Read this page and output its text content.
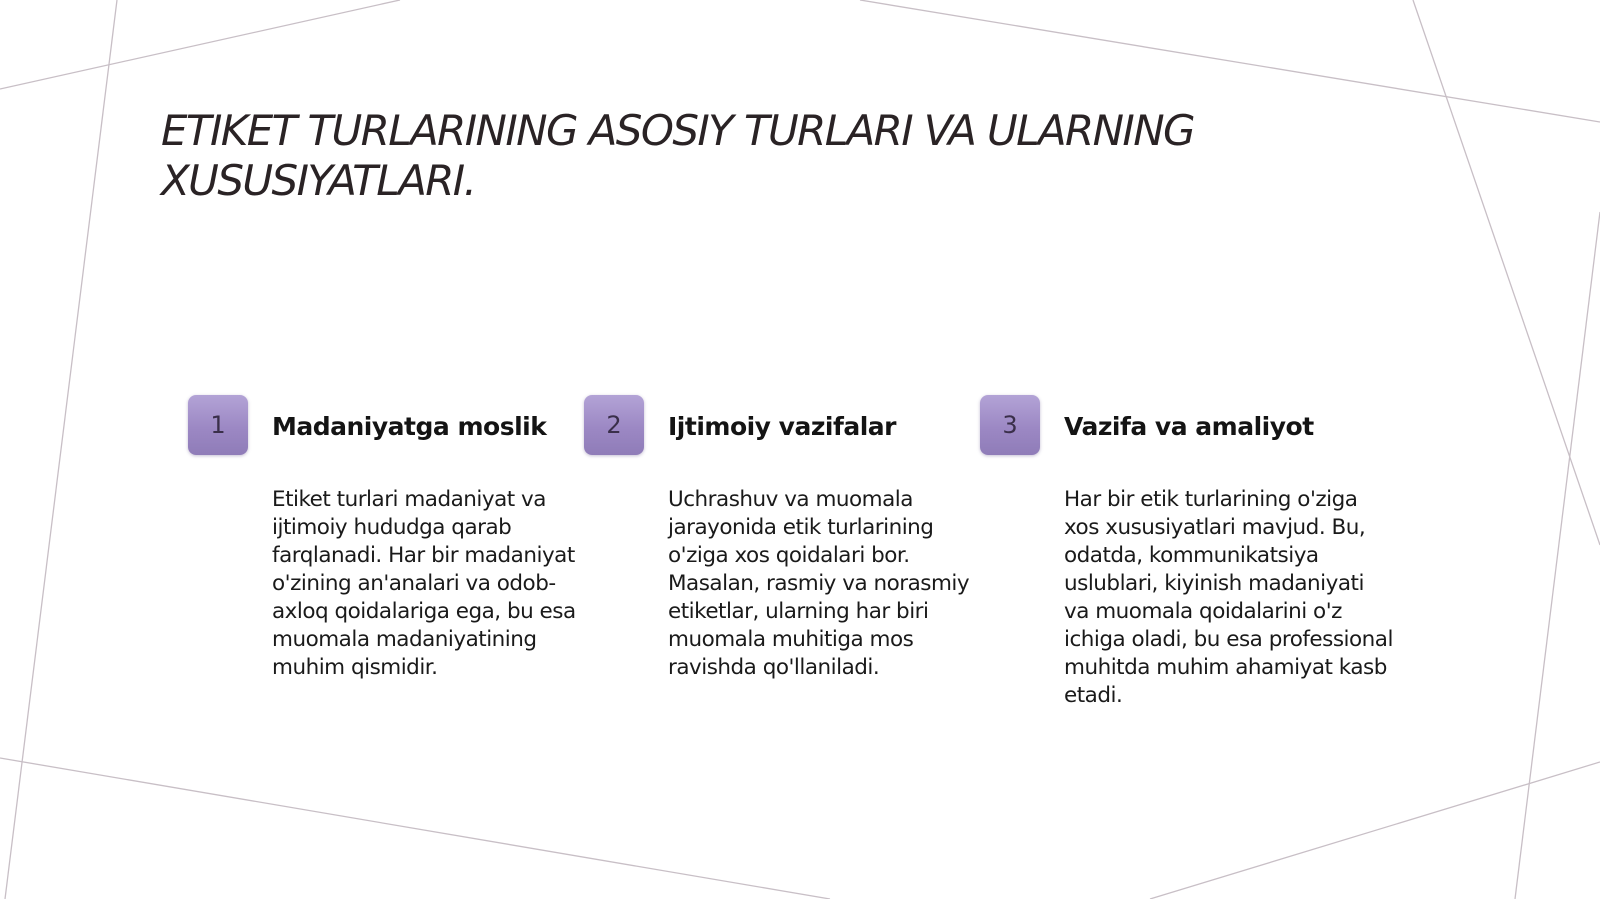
ETIKET TURLARINING ASOSIY TURLARI VA ULARNING XUSUSIYATLARI.
1	Madaniyatga moslik

Etiket turlari madaniyat va ijtimoiy hududga qarab farqlanadi. Har bir madaniyat o'zining an'analari va odob-axloq qoidalariga ega, bu esa muomala madaniyatining muhim qismidir.

2	Ijtimoiy vazifalar

Uchrashuv va muomala jarayonida etik turlarining o'ziga xos qoidalari bor. Masalan, rasmiy va norasmiy etiketlar, ularning har biri muomala muhitiga mos ravishda qo'llaniladi.

3	Vazifa va amaliyot

Har bir etik turlarining o'ziga xos xususiyatlari mavjud. Bu, odatda, kommunikatsiya uslublari, kiyinish madaniyati va muomala qoidalarini o'z ichiga oladi, bu esa professional muhitda muhim ahamiyat kasb etadi.
